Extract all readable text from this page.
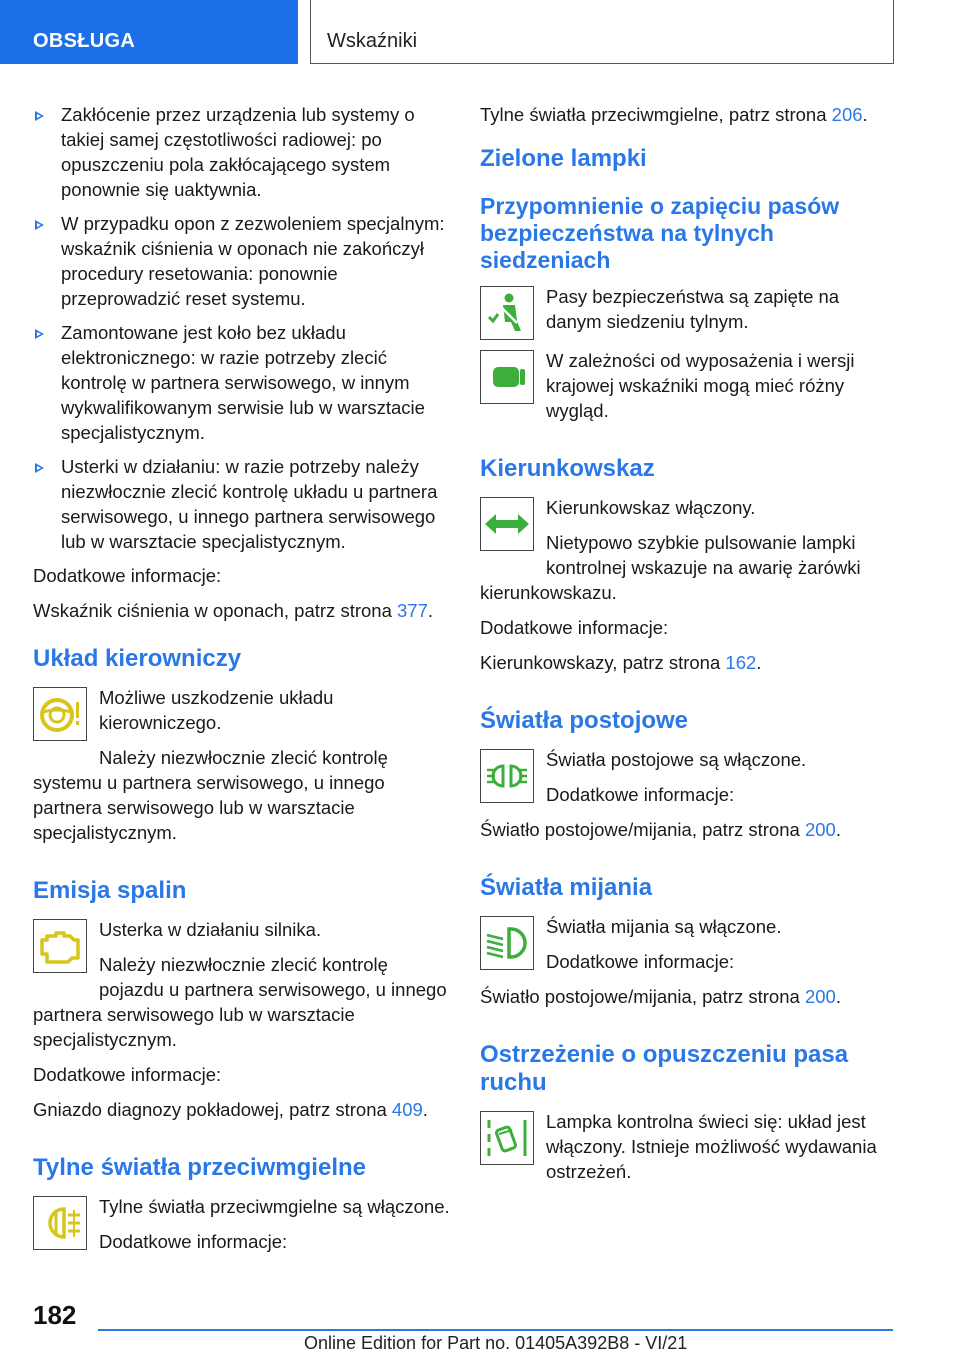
OBSŁUGA	Wskaźniki
Zakłócenie przez urządzenia lub systemy o takiej samej częstotliwości radiowej: po opuszczeniu pola zakłócającego system ponownie się uaktywnia.
W przypadku opon z zezwoleniem specjalnym: wskaźnik ciśnienia w oponach nie zakończył procedury resetowania: ponownie przeprowadzić reset systemu.
Zamontowane jest koło bez układu elektronicznego: w razie potrzeby zlecić kontrolę w partnera serwisowego, w innym wykwalifikowanym serwisie lub w warsztacie specjalistycznym.
Usterki w działaniu: w razie potrzeby należy niezwłocznie zlecić kontrolę układu u partnera serwisowego, u innego partnera serwisowego lub w warsztacie specjalistycznym.

Dodatkowe informacje:

Wskaźnik ciśnienia w oponach, patrz strona 377.

Układ kierowniczy

Możliwe uszkodzenie układu kierowniczego.

Należy niezwłocznie zlecić kontrolę systemu u partnera serwisowego, u innego partnera serwisowego lub w warsztacie specjalistycznym.

Emisja spalin

Usterka w działaniu silnika.

Należy niezwłocznie zlecić kontrolę pojazdu u partnera serwisowego, u innego partnera serwisowego lub w warsztacie specjalistycznym.

Dodatkowe informacje:

Gniazdo diagnozy pokładowej, patrz strona 409.

Tylne światła przeciwmgielne

Tylne światła przeciwmgielne są włączone.

Dodatkowe informacje:

Tylne światła przeciwmgielne, patrz strona 206.

Zielone lampki
Przypomnienie o zapięciu pasów bezpieczeństwa na tylnych siedzeniach

Pasy bezpieczeństwa są zapięte na danym siedzeniu tylnym.

W zależności od wyposażenia i wersji krajowej wskaźniki mogą mieć różny wygląd.

Kierunkowskaz

Kierunkowskaz włączony.

Nietypowo szybkie pulsowanie lampki kontrolnej wskazuje na awarię żarówki kierunkowskazu.

Dodatkowe informacje:

Kierunkowskazy, patrz strona 162.

Światła postojowe

Światła postojowe są włączone.

Dodatkowe informacje:

Światło postojowe/mijania, patrz strona 200.

Światła mijania

Światła mijania są włączone.

Dodatkowe informacje:

Światło postojowe/mijania, patrz strona 200.

Ostrzeżenie o opuszczeniu pasa ruchu

Lampka kontrolna świeci się: układ jest włączony. Istnieje możliwość wydawania ostrzeżeń.

182
Online Edition for Part no. 01405A392B8 - VI/21
